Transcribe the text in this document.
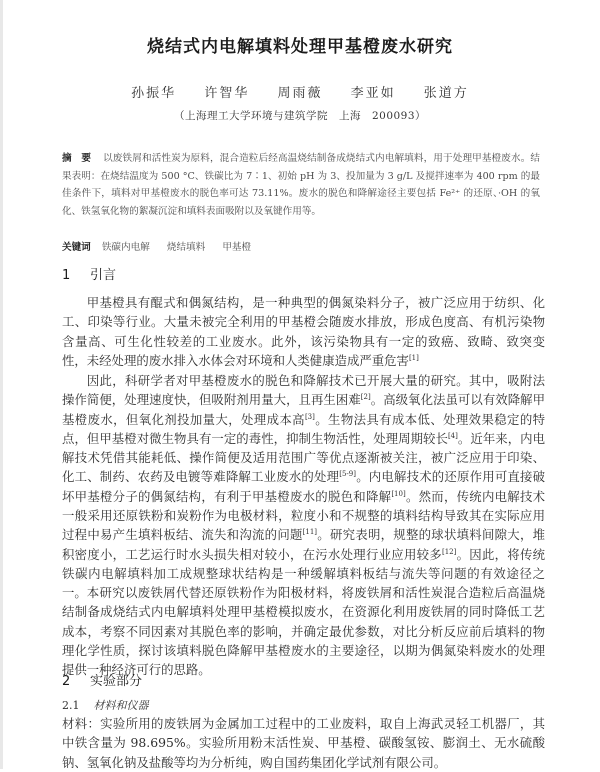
烧结式内电解填料处理甲基橙废水研究
孙振华 许智华 周雨薇 李亚如 张道方
（上海理工大学环境与建筑学院　上海　200093）
摘　要 以废铁屑和活性炭为原料，混合造粒后经高温烧结制备成烧结式内电解填料，用于处理甲基橙废水。结果表明：在烧结温度为 500 °C、铁碳比为 7∶1、初始 pH 为 3、投加量为 3 g/L 及搅拌速率为 400 rpm 的最佳条件下，填料对甲基橙废水的脱色率可达 73.11%。废水的脱色和降解途径主要包括 Fe²⁺ 的还原、·OH 的氧化、铁氢氧化物的絮凝沉淀和填料表面吸附以及氧键作用等。
关键词 铁碳内电解 烧结填料 甲基橙
1 引言
甲基橙具有醌式和偶氮结构，是一种典型的偶氮染料分子，被广泛应用于纺织、化工、印染等行业。大量未被完全利用的甲基橙会随废水排放，形成色度高、有机污染物含量高、可生化性较差的工业废水。此外，该污染物具有一定的致癌、致畸、致突变性，未经处理的废水排入水体会对环境和人类健康造成严重危害[1]
因此，科研学者对甲基橙废水的脱色和降解技术已开展大量的研究。其中，吸附法操作简便，处理速度快，但吸附剂用量大，且再生困难[2]。高级氧化法虽可以有效降解甲基橙废水，但氧化剂投加量大，处理成本高[3]。生物法具有成本低、处理效果稳定的特点，但甲基橙对微生物具有一定的毒性，抑制生物活性，处理周期较长[4]。近年来，内电解技术凭借其能耗低、操作简便及适用范围广等优点逐渐被关注，被广泛应用于印染、化工、制药、农药及电镀等难降解工业废水的处理[5-9]。内电解技术的还原作用可直接破坏甲基橙分子的偶氮结构，有利于甲基橙废水的脱色和降解[10]。然而，传统内电解技术一般采用还原铁粉和炭粉作为电极材料，粒度小和不规整的填料结构导致其在实际应用过程中易产生填料板结、流失和沟流的问题[11]。研究表明，规整的球状填料间隙大，堆积密度小，工艺运行时水头损失相对较小，在污水处理行业应用较多[12]。因此，将传统铁碳内电解填料加工成规整球状结构是一种缓解填料板结与流失等问题的有效途径之一。 本研究以废铁屑代替还原铁粉作为阳极材料，将废铁屑和活性炭混合造粒后高温烧结制备成烧结式内电解填料处理甲基橙模拟废水，在资源化利用废铁屑的同时降低工艺成本，考察不同因素对其脱色率的影响，并确定最优参数，对比分析反应前后填料的物理化学性质，探讨该填料脱色降解甲基橙废水的主要途径，以期为偶氮染料废水的处理提供一种经济可行的思路。
2 实验部分
2.1 材料和仪器
材料：实验所用的废铁屑为金属加工过程中的工业废料，取自上海武灵轻工机器厂，其中铁含量为 98.695%。实验所用粉末活性炭、甲基橙、碳酸氢铵、膨润土、无水硫酸钠、氢氧化钠及盐酸等均为分析纯，购自国药集团化学试剂有限公司。
